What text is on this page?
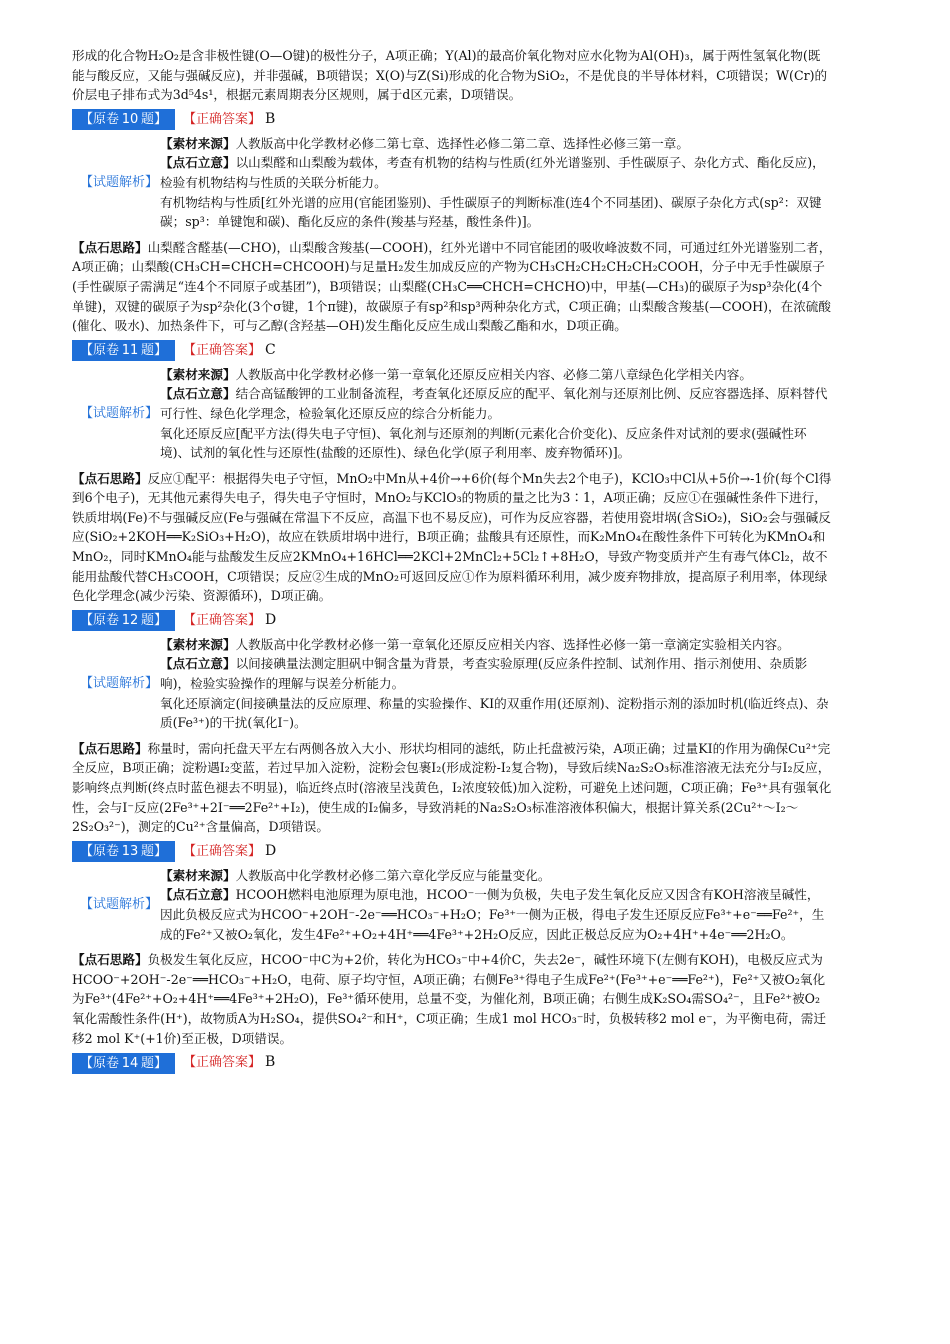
形成的化合物H₂O₂是含非极性键(O—O键)的极性分子，A项正确；Y(Al)的最高价氧化物对应水化物为Al(OH)₃，属于两性氢氧化物(既能与酸反应，又能与强碱反应)，并非强碱，B项错误；X(O)与Z(Si)形成的化合物为SiO₂，不是优良的半导体材料，C项错误；W(Cr)的价层电子排布式为3d⁵4s¹，根据元素周期表分区规则，属于d区元素，D项错误。

【原卷 10 题】	【正确答案】 B
【试题解析】

【素材来源】人教版高中化学教材必修二第七章、选择性必修二第二章、选择性必修三第一章。

【点石立意】以山梨醛和山梨酸为载体，考查有机物的结构与性质(红外光谱鉴别、手性碳原子、杂化方式、酯化反应)，检验有机物结构与性质的关联分析能力。

有机物结构与性质[红外光谱的应用(官能团鉴别)、手性碳原子的判断标准(连4个不同基团)、碳原子杂化方式(sp²：双键碳；sp³：单键饱和碳)、酯化反应的条件(羧基与羟基，酸性条件)]。

【点石思路】山梨醛含醛基(—CHO)，山梨酸含羧基(—COOH)，红外光谱中不同官能团的吸收峰波数不同，可通过红外光谱鉴别二者，A项正确；山梨酸(CH₃CH=CHCH=CHCOOH)与足量H₂发生加成反应的产物为CH₃CH₂CH₂CH₂CH₂COOH，分子中无手性碳原子(手性碳原子需满足“连4个不同原子或基团”)，B项错误；山梨醛(CH₃C══CHCH=CHCHO)中，甲基(—CH₃)的碳原子为sp³杂化(4个单键)，双键的碳原子为sp²杂化(3个σ键，1个π键)，故碳原子有sp²和sp³两种杂化方式，C项正确；山梨酸含羧基(—COOH)，在浓硫酸(催化、吸水)、加热条件下，可与乙醇(含羟基—OH)发生酯化反应生成山梨酸乙酯和水，D项正确。

【原卷 11 题】	【正确答案】 C
【试题解析】

【素材来源】人教版高中化学教材必修一第一章氧化还原反应相关内容、必修二第八章绿色化学相关内容。

【点石立意】结合高锰酸钾的工业制备流程，考查氧化还原反应的配平、氧化剂与还原剂比例、反应容器选择、原料替代可行性、绿色化学理念，检验氧化还原反应的综合分析能力。

氧化还原反应[配平方法(得失电子守恒)、氧化剂与还原剂的判断(元素化合价变化)、反应条件对试剂的要求(强碱性环境)、试剂的氧化性与还原性(盐酸的还原性)、绿色化学(原子利用率、废弃物循环)]。

【点石思路】反应①配平：根据得失电子守恒，MnO₂中Mn从+4价→+6价(每个Mn失去2个电子)，KClO₃中Cl从+5价→-1价(每个Cl得到6个电子)，无其他元素得失电子，得失电子守恒时，MnO₂与KClO₃的物质的量之比为3∶1，A项正确；反应①在强碱性条件下进行，铁质坩埚(Fe)不与强碱反应(Fe与强碱在常温下不反应，高温下也不易反应)，可作为反应容器，若使用瓷坩埚(含SiO₂)，SiO₂会与强碱反应(SiO₂+2KOH══K₂SiO₃+H₂O)，故应在铁质坩埚中进行，B项正确；盐酸具有还原性，而K₂MnO₄在酸性条件下可转化为KMnO₄和MnO₂，同时KMnO₄能与盐酸发生反应2KMnO₄+16HCl══2KCl+2MnCl₂+5Cl₂↑+8H₂O，导致产物变质并产生有毒气体Cl₂，故不能用盐酸代替CH₃COOH，C项错误；反应②生成的MnO₂可返回反应①作为原料循环利用，减少废弃物排放，提高原子利用率，体现绿色化学理念(减少污染、资源循环)，D项正确。

【原卷 12 题】	【正确答案】 D
【试题解析】

【素材来源】人教版高中化学教材必修一第一章氧化还原反应相关内容、选择性必修一第一章滴定实验相关内容。

【点石立意】以间接碘量法测定胆矾中铜含量为背景，考查实验原理(反应条件控制、试剂作用、指示剂使用、杂质影响)，检验实验操作的理解与误差分析能力。

氧化还原滴定(间接碘量法的反应原理、称量的实验操作、KI的双重作用(还原剂)、淀粉指示剂的添加时机(临近终点)、杂质(Fe³⁺)的干扰(氧化I⁻)。

【点石思路】称量时，需向托盘天平左右两侧各放入大小、形状均相同的滤纸，防止托盘被污染，A项正确；过量KI的作用为确保Cu²⁺完全反应，B项正确；淀粉遇I₂变蓝，若过早加入淀粉，淀粉会包裹I₂(形成淀粉-I₂复合物)，导致后续Na₂S₂O₃标准溶液无法充分与I₂反应，影响终点判断(终点时蓝色褪去不明显)，临近终点时(溶液呈浅黄色，I₂浓度较低)加入淀粉，可避免上述问题，C项正确；Fe³⁺具有强氧化性，会与I⁻反应(2Fe³⁺+2I⁻══2Fe²⁺+I₂)，使生成的I₂偏多，导致消耗的Na₂S₂O₃标准溶液体积偏大，根据计算关系(2Cu²⁺～I₂～2S₂O₃²⁻)，测定的Cu²⁺含量偏高，D项错误。

【原卷 13 题】	【正确答案】 D
【试题解析】

【素材来源】人教版高中化学教材必修二第六章化学反应与能量变化。

【点石立意】HCOOH燃料电池原理为原电池，HCOO⁻一侧为负极，失电子发生氧化反应又因含有KOH溶液呈碱性，因此负极反应式为HCOO⁻+2OH⁻-2e⁻══HCO₃⁻+H₂O；Fe³⁺一侧为正极，得电子发生还原反应Fe³⁺+e⁻══Fe²⁺，生成的Fe²⁺又被O₂氧化，发生4Fe²⁺+O₂+4H⁺══4Fe³⁺+2H₂O反应，因此正极总反应为O₂+4H⁺+4e⁻══2H₂O。

【点石思路】负极发生氧化反应，HCOO⁻中C为+2价，转化为HCO₃⁻中+4价C，失去2e⁻，碱性环境下(左侧有KOH)，电极反应式为HCOO⁻+2OH⁻-2e⁻══HCO₃⁻+H₂O，电荷、原子均守恒，A项正确；右侧Fe³⁺得电子生成Fe²⁺(Fe³⁺+e⁻══Fe²⁺)，Fe²⁺又被O₂氧化为Fe³⁺(4Fe²⁺+O₂+4H⁺══4Fe³⁺+2H₂O)，Fe³⁺循环使用，总量不变，为催化剂，B项正确；右侧生成K₂SO₄需SO₄²⁻，且Fe²⁺被O₂氧化需酸性条件(H⁺)，故物质A为H₂SO₄，提供SO₄²⁻和H⁺，C项正确；生成1 mol HCO₃⁻时，负极转移2 mol e⁻，为平衡电荷，需迁移2 mol K⁺(+1价)至正极，D项错误。

【原卷 14 题】	【正确答案】 B
